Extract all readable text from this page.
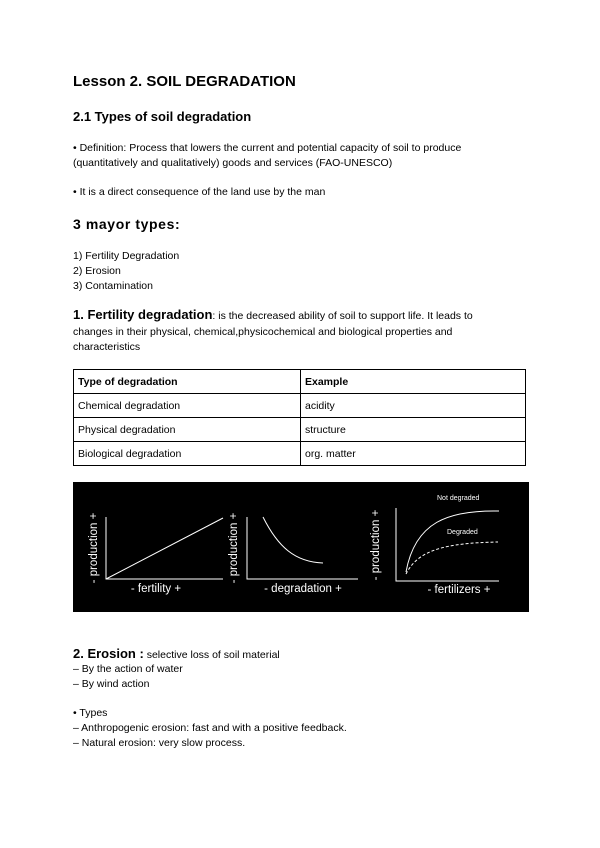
Lesson 2. SOIL DEGRADATION
2.1 Types of soil degradation
• Definition: Process that lowers the current and potential capacity of soil to produce
(quantitatively and qualitatively) goods and services (FAO-UNESCO)
• It is a direct consequence of the land use by the man
3 mayor types:
1) Fertility Degradation
2) Erosion
3) Contamination
1. Fertility degradation: is the decreased ability of soil to support life. It leads to
changes in their physical, chemical,physicochemical and biological properties and
characteristics
Type of degradation	Example
Chemical degradation	acidity
Physical degradation	structure
Biological degradation	org. matter
- production +
- fertility +
- production +
- degradation +
- production +
- fertilizers +
Not degraded
Degraded
2. Erosion : selective loss of soil material
– By the action of water
– By wind action
• Types
– Anthropogenic erosion: fast and with a positive feedback.
– Natural erosion: very slow process.
